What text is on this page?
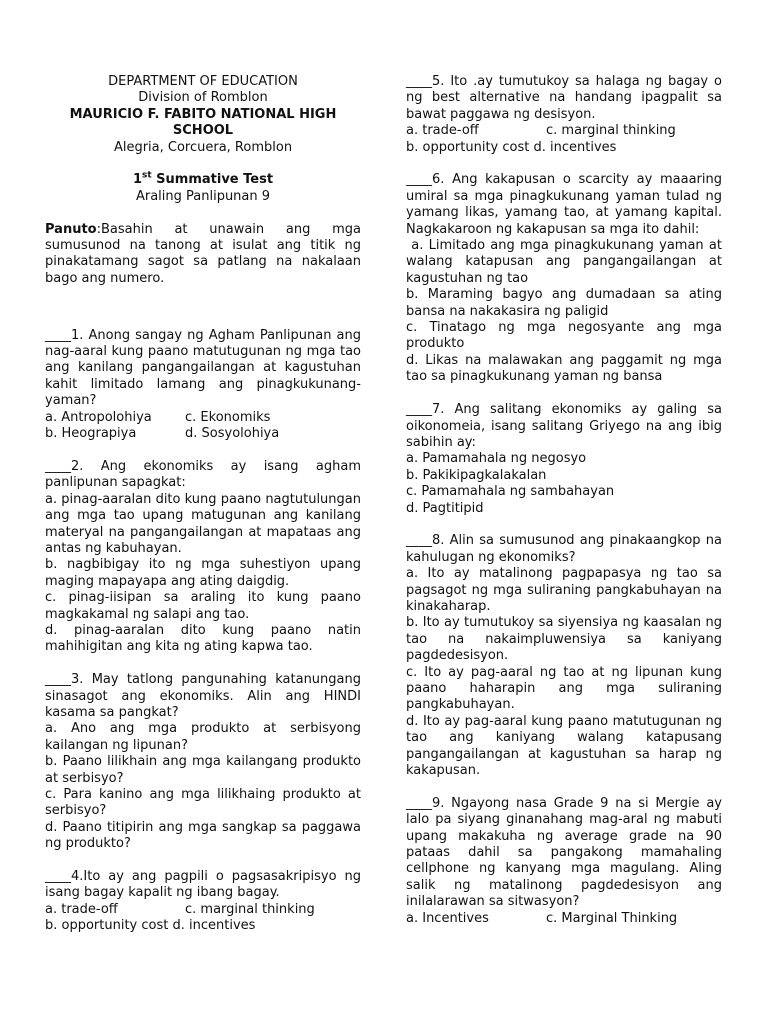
DEPARTMENT OF EDUCATION

Division of Romblon

MAURICIO F. FABITO NATIONAL HIGH SCHOOL

Alegria, Corcuera, Romblon

1st Summative Test

Araling Panlipunan 9

Panuto:Basahin at unawain ang mga sumusunod na tanong at isulat ang titik ng pinakatamang sagot sa patlang na nakalaan bago ang numero.

____1. Anong sangay ng Agham Panlipunan ang nag-aaral kung paano matutugunan ng mga tao ang kanilang pangangailangan at kagustuhan kahit limitado lamang ang pinagkukunang-yaman?

a. Antropolohiya	c. Ekonomiks
b. Heograpiya	d. Sosyolohiya

____2. Ang ekonomiks ay isang agham panlipunan sapagkat:

a. pinag-aaralan dito kung paano nagtutulungan ang mga tao upang matugunan ang kanilang materyal na pangangailangan at mapataas ang antas ng kabuhayan.

b. nagbibigay ito ng mga suhestiyon upang maging mapayapa ang ating daigdig.

c. pinag-iisipan sa araling ito kung paano magkakamal ng salapi ang tao.

d. pinag-aaralan dito kung paano natin mahihigitan ang kita ng ating kapwa tao.

____3. May tatlong pangunahing katanungang sinasagot ang ekonomiks. Alin ang HINDI kasama sa pangkat?

a. Ano ang mga produkto at serbisyong kailangan ng lipunan?

b. Paano lilikhain ang mga kailangang produkto at serbisyo?

c. Para kanino ang mga lilikhaing produkto at serbisyo?

d. Paano titipirin ang mga sangkap sa paggawa ng produkto?

____4.Ito ay ang pagpili o pagsasakripisyo ng isang bagay kapalit ng ibang bagay.

a. trade-off	c. marginal thinking

b. opportunity cost d. incentives

____5. Ito .ay tumutukoy sa halaga ng bagay o ng best alternative na handang ipagpalit sa bawat paggawa ng desisyon.

a. trade-off	c. marginal thinking

b. opportunity cost d. incentives

____6. Ang kakapusan o scarcity ay maaaring umiral sa mga pinagkukunang yaman tulad ng yamang likas, yamang tao, at yamang kapital. Nagkakaroon ng kakapusan sa mga ito dahil:

a. Limitado ang mga pinagkukunang yaman at walang katapusan ang pangangailangan at kagustuhan ng tao

b. Maraming bagyo ang dumadaan sa ating bansa na nakakasira ng paligid

c. Tinatago ng mga negosyante ang mga produkto

d. Likas na malawakan ang paggamit ng mga tao sa pinagkukunang yaman ng bansa

____7. Ang salitang ekonomiks ay galing sa oikonomeia, isang salitang Griyego na ang ibig sabihin ay:

a. Pamamahala ng negosyo

b. Pakikipagkalakalan

c. Pamamahala ng sambahayan

d. Pagtitipid

____8. Alin sa sumusunod ang pinakaangkop na kahulugan ng ekonomiks?

a. Ito ay matalinong pagpapasya ng tao sa pagsagot ng mga suliraning pangkabuhayan na kinakaharap.

b. Ito ay tumutukoy sa siyensiya ng kaasalan ng tao na nakaimpluwensiya sa kaniyang pagdedesisyon.

c. Ito ay pag-aaral ng tao at ng lipunan kung paano haharapin ang mga suliraning pangkabuhayan.

d. Ito ay pag-aaral kung paano matutugunan ng tao ang kaniyang walang katapusang pangangailangan at kagustuhan sa harap ng kakapusan.

____9. Ngayong nasa Grade 9 na si Mergie ay lalo pa siyang ginanahang mag-aral ng mabuti upang makakuha ng average grade na 90 pataas dahil sa pangakong mamahaling cellphone ng kanyang mga magulang. Aling salik ng matalinong pagdedesisyon ang inilalarawan sa sitwasyon?

a. Incentives	c. Marginal Thinking
